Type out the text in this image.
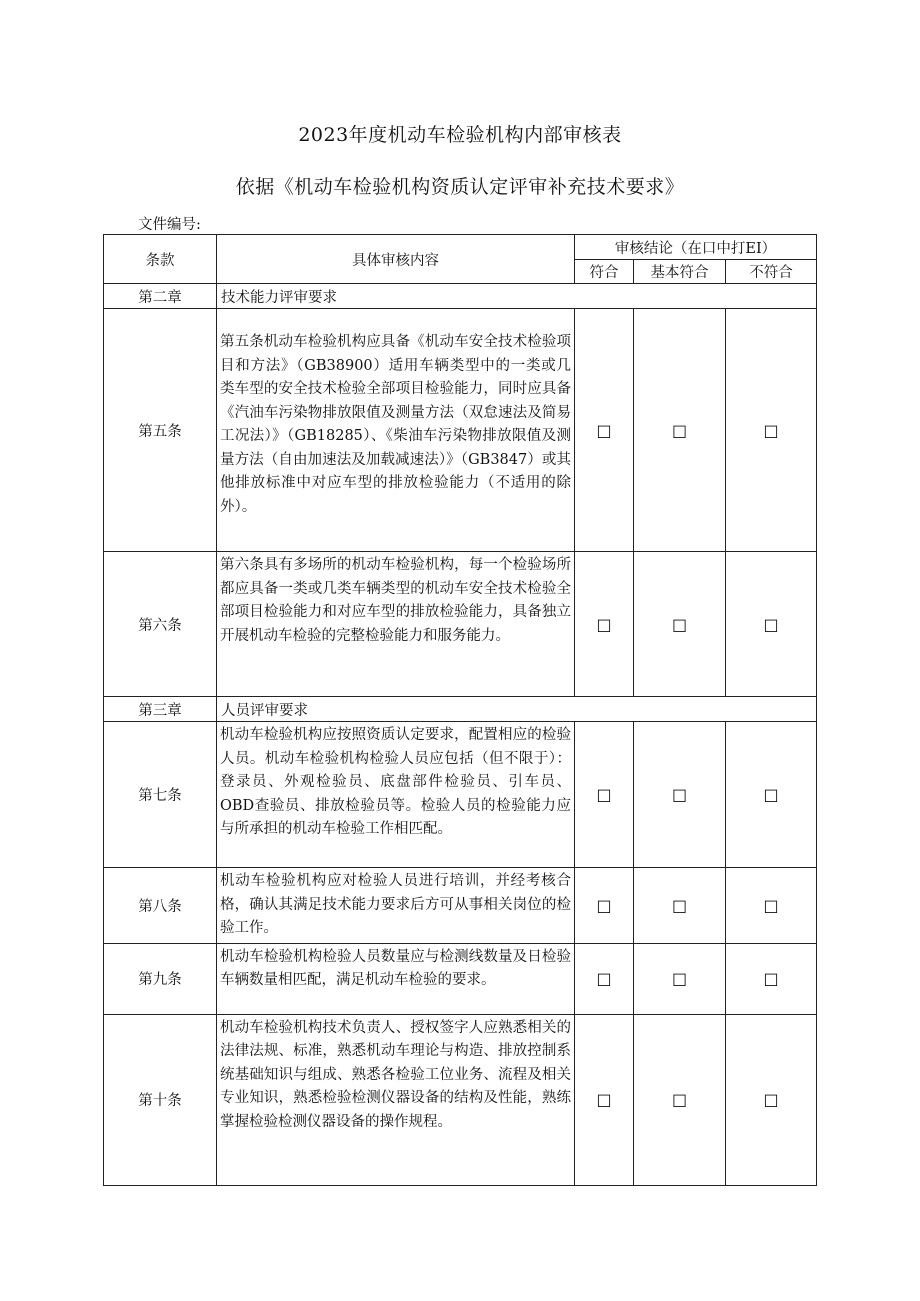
2023年度机动车检验机构内部审核表
依据《机动车检验机构资质认定评审补充技术要求》
文件编号:
条款	具体审核内容	审核结论（在口中打EI）		
		符合	基本符合	不符合
第二章	技术能力评审要求			
第五条	第五条机动车检验机构应具备《机动车安全技术检验项目和方法》（GB38900）适用车辆类型中的一类或几类车型的安全技术检验全部项目检验能力，同时应具备《汽油车污染物排放限值及测量方法（双怠速法及简易工况法）》（GB18285）、《柴油车污染物排放限值及测量方法（自由加速法及加载减速法）》（GB3847）或其他排放标准中对应车型的排放检验能力（不适用的除外）。	□	□	□
第六条	第六条具有多场所的机动车检验机构，每一个检验场所都应具备一类或几类车辆类型的机动车安全技术检验全部项目检验能力和对应车型的排放检验能力，具备独立开展机动车检验的完整检验能力和服务能力。	□	□	□
第三章	人员评审要求			
第七条	机动车检验机构应按照资质认定要求，配置相应的检验人员。机动车检验机构检验人员应包括（但不限于）：登录员、外观检验员、底盘部件检验员、引车员、OBD查验员、排放检验员等。检验人员的检验能力应与所承担的机动车检验工作相匹配。	□	□	□
第八条	机动车检验机构应对检验人员进行培训，并经考核合格，确认其满足技术能力要求后方可从事相关岗位的检验工作。	□	□	□
第九条	机动车检验机构检验人员数量应与检测线数量及日检验车辆数量相匹配，满足机动车检验的要求。	□	□	□
第十条	机动车检验机构技术负责人、授权签字人应熟悉相关的法律法规、标准，熟悉机动车理论与构造、排放控制系统基础知识与组成、熟悉各检验工位业务、流程及相关专业知识，熟悉检验检测仪器设备的结构及性能，熟练掌握检验检测仪器设备的操作规程。	□	□	□
